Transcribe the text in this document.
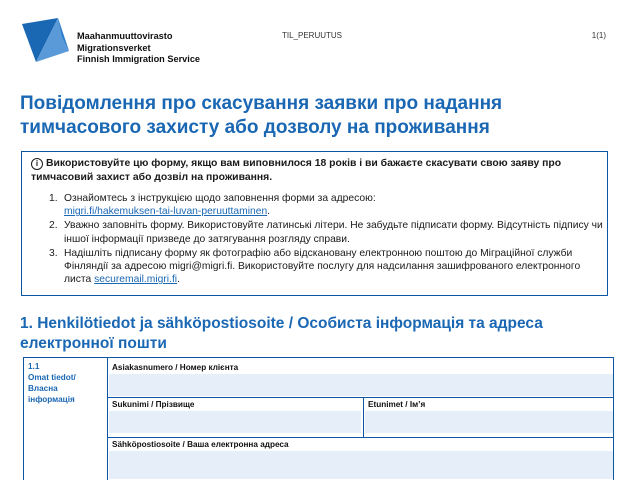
Maahanmuuttovirasto
Migrationsverket
Finnish Immigration Service
TIL_PERUUTUS	1(1)
Повідомлення про скасування заявки про надання тимчасового захисту або дозволу на проживання
i Використовуйте цю форму, якщо вам виповнилося 18 років і ви бажаєте скасувати свою заяву про тимчасовий захист або дозвіл на проживання.
1. Ознайомтесь з інструкцією щодо заповнення форми за адресою:
migri.fi/hakemuksen-tai-luvan-peruuttaminen.
2. Уважно заповніть форму. Використовуйте латинські літери. Не забудьте підписати форму. Відсутність підпису чи іншої інформації призведе до затягування розгляду справи.
3. Надішліть підписану форму як фотографію або відскановану електронною поштою до Міграційної служби Фінляндії за адресою migri@migri.fi. Використовуйте послугу для надсилання зашифрованого електронного листа securemail.migri.fi.
1. Henkilötiedot ja sähköpostiosoite / Особиста інформація та адреса електронної пошти
1.1
Omat tiedot/ Власна інформація
Asiakasnumero / Номер клієнта
Sukunimi / Прізвище	Etunimet / Ім’я
Sähköpostiosoite / Ваша електронна адреса
